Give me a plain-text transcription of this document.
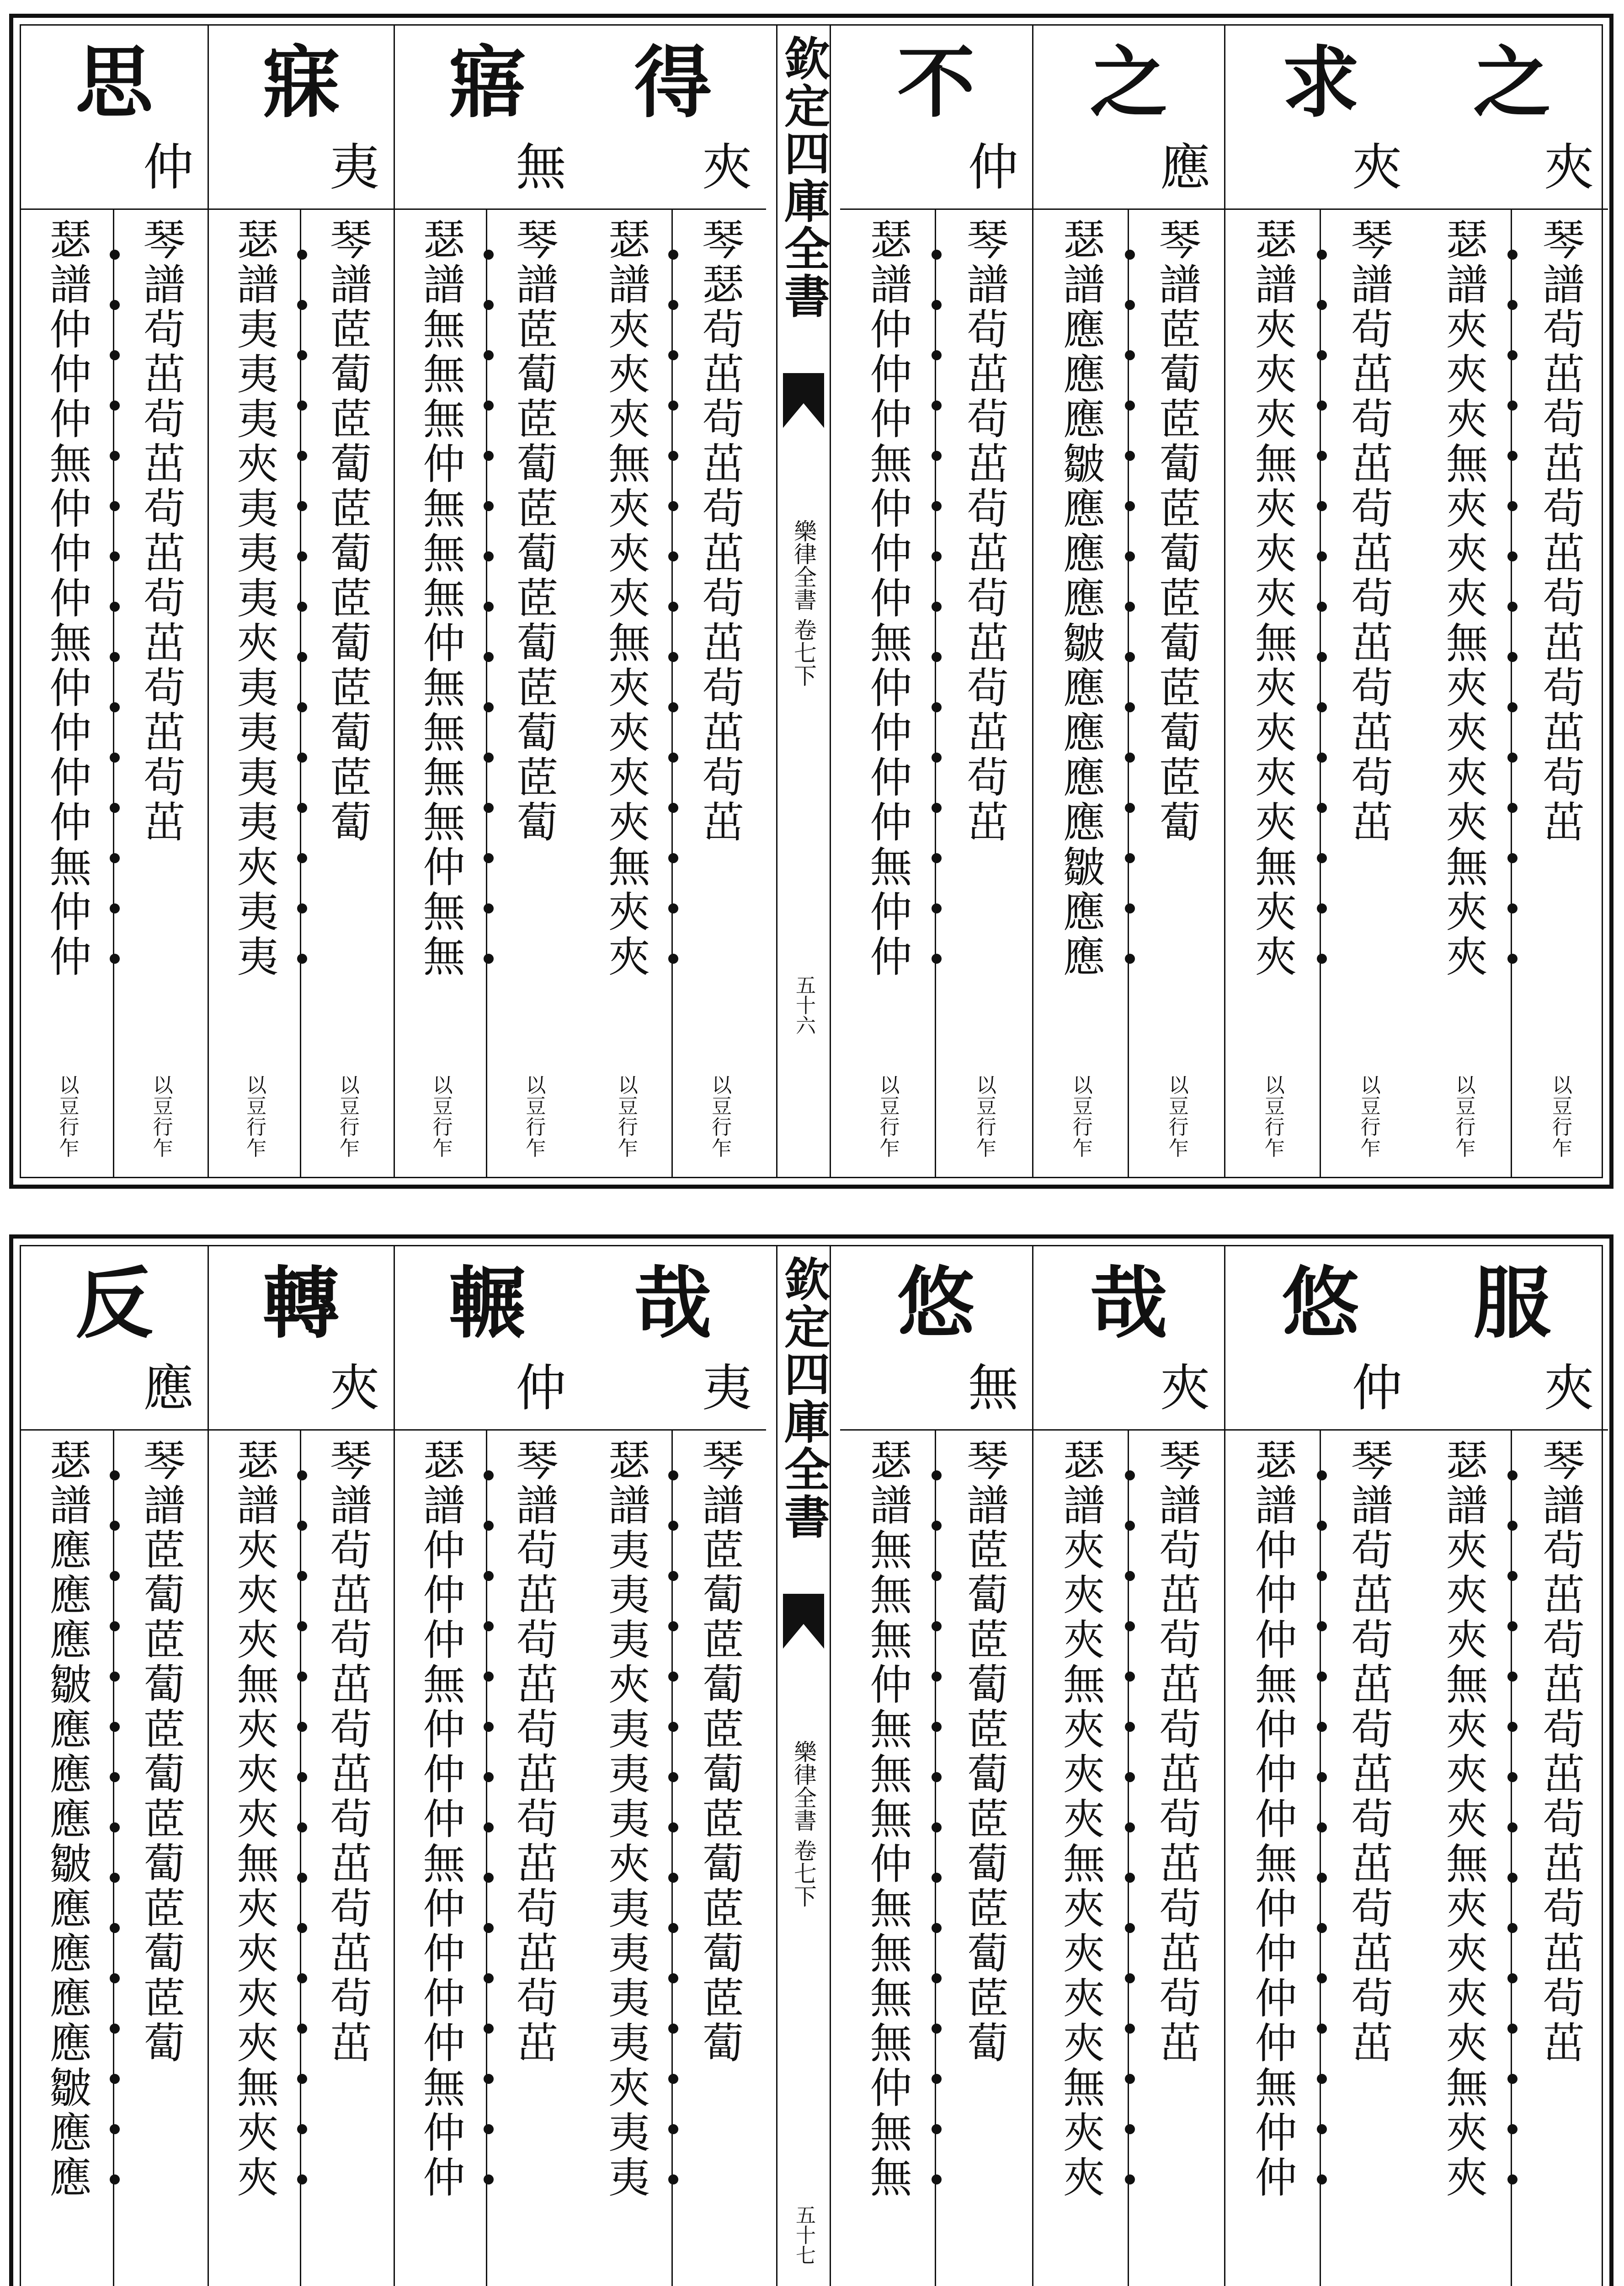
得
夾
琴瑟茍茁茍茁茍茁茍茁茍茁茍茁
以豆行乍
瑟譜夾夾夾無夾夾夾無夾夾夾夾無夾夾
以豆行乍
寤
無
琴譜茝蔔茝蔔茝蔔茝蔔茝蔔茝蔔
以豆行乍
瑟譜無無無仲無無無仲無無無無仲無無
以豆行乍
寐
夷
琴譜茝蔔茝蔔茝蔔茝蔔茝蔔茝蔔
以豆行乍
瑟譜夷夷夷夾夷夷夷夾夷夷夷夷夾夷夷
以豆行乍
思
仲
琴譜茍茁茍茁茍茁茍茁茍茁茍茁
以豆行乍
瑟譜仲仲仲無仲仲仲無仲仲仲仲無仲仲
以豆行乍
欽定四庫全書
樂律全書 卷七下
五十六
之
夾
琴譜茍茁茍茁茍茁茍茁茍茁茍茁
以豆行乍
瑟譜夾夾夾無夾夾夾無夾夾夾夾無夾夾
以豆行乍
求
夾
琴譜茍茁茍茁茍茁茍茁茍茁茍茁
以豆行乍
瑟譜夾夾夾無夾夾夾無夾夾夾夾無夾夾
以豆行乍
之
應
琴譜茝蔔茝蔔茝蔔茝蔔茝蔔茝蔔
以豆行乍
瑟譜應應應皺應應應皺應應應應皺應應
以豆行乍
不
仲
琴譜茍茁茍茁茍茁茍茁茍茁茍茁
以豆行乍
瑟譜仲仲仲無仲仲仲無仲仲仲仲無仲仲
以豆行乍
哉
夷
琴譜茝蔔茝蔔茝蔔茝蔔茝蔔茝蔔
瑟譜夷夷夷夾夷夷夷夾夷夷夷夷夾夷夷
輾
仲
琴譜茍茁茍茁茍茁茍茁茍茁茍茁
瑟譜仲仲仲無仲仲仲無仲仲仲仲無仲仲
轉
夾
琴譜茍茁茍茁茍茁茍茁茍茁茍茁
瑟譜夾夾夾無夾夾夾無夾夾夾夾無夾夾
反
應
琴譜茝蔔茝蔔茝蔔茝蔔茝蔔茝蔔
瑟譜應應應皺應應應皺應應應應皺應應
欽定四庫全書
樂律全書 卷七下
五十七
服
夾
琴譜茍茁茍茁茍茁茍茁茍茁茍茁
瑟譜夾夾夾無夾夾夾無夾夾夾夾無夾夾
悠
仲
琴譜茍茁茍茁茍茁茍茁茍茁茍茁
瑟譜仲仲仲無仲仲仲無仲仲仲仲無仲仲
哉
夾
琴譜茍茁茍茁茍茁茍茁茍茁茍茁
瑟譜夾夾夾無夾夾夾無夾夾夾夾無夾夾
悠
無
琴譜茝蔔茝蔔茝蔔茝蔔茝蔔茝蔔
瑟譜無無無仲無無無仲無無無無仲無無
